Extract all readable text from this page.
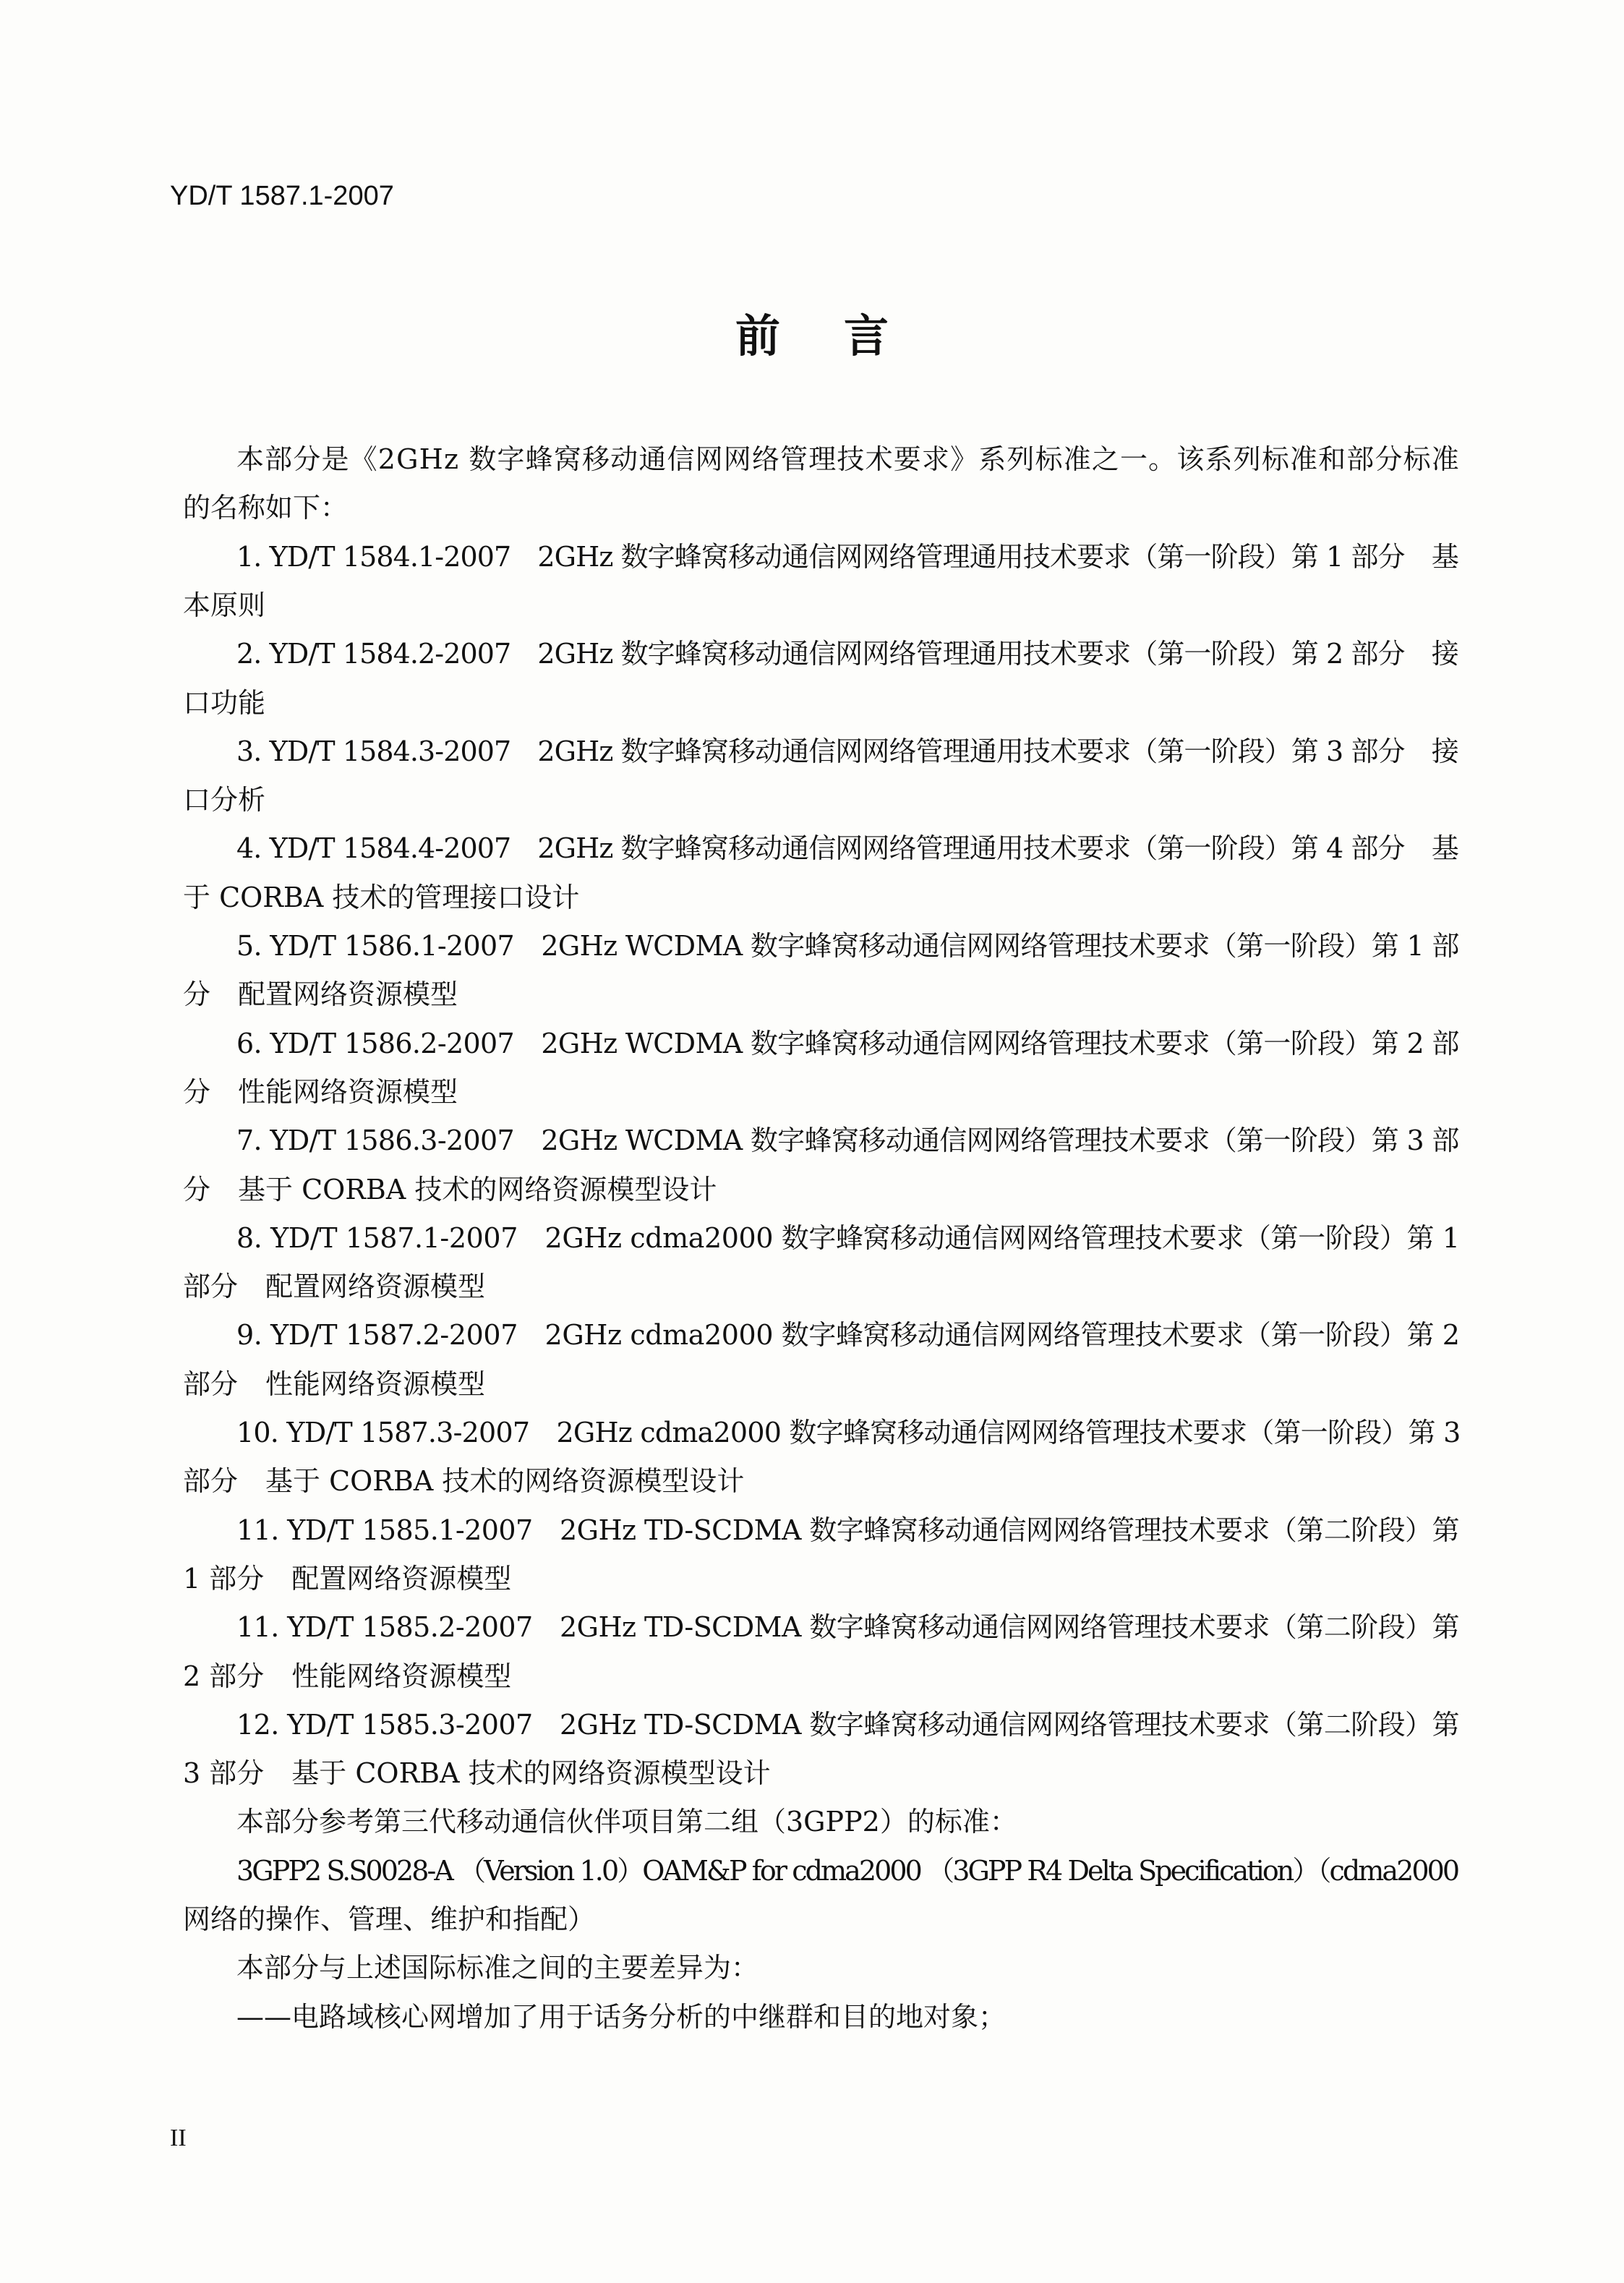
YD/T 1587.1-2007
前言
本部分是《2GHz 数字蜂窝移动通信网网络管理技术要求》系列标准之一。该系列标准和部分标准
的名称如下：
1. YD/T 1584.1-2007　2GHz 数字蜂窝移动通信网网络管理通用技术要求（第一阶段）第 1 部分　基
本原则
2. YD/T 1584.2-2007　2GHz 数字蜂窝移动通信网网络管理通用技术要求（第一阶段）第 2 部分　接
口功能
3. YD/T 1584.3-2007　2GHz 数字蜂窝移动通信网网络管理通用技术要求（第一阶段）第 3 部分　接
口分析
4. YD/T 1584.4-2007　2GHz 数字蜂窝移动通信网网络管理通用技术要求（第一阶段）第 4 部分　基
于 CORBA 技术的管理接口设计
5. YD/T 1586.1-2007　2GHz WCDMA 数字蜂窝移动通信网网络管理技术要求（第一阶段）第 1 部
分　配置网络资源模型
6. YD/T 1586.2-2007　2GHz WCDMA 数字蜂窝移动通信网网络管理技术要求（第一阶段）第 2 部
分　性能网络资源模型
7. YD/T 1586.3-2007　2GHz WCDMA 数字蜂窝移动通信网网络管理技术要求（第一阶段）第 3 部
分　基于 CORBA 技术的网络资源模型设计
8. YD/T 1587.1-2007　2GHz cdma2000 数字蜂窝移动通信网网络管理技术要求（第一阶段）第 1
部分　配置网络资源模型
9. YD/T 1587.2-2007　2GHz cdma2000 数字蜂窝移动通信网网络管理技术要求（第一阶段）第 2
部分　性能网络资源模型
10. YD/T 1587.3-2007　2GHz cdma2000 数字蜂窝移动通信网网络管理技术要求（第一阶段）第 3
部分　基于 CORBA 技术的网络资源模型设计
11. YD/T 1585.1-2007　2GHz TD-SCDMA 数字蜂窝移动通信网网络管理技术要求（第二阶段）第
1 部分　配置网络资源模型
11. YD/T 1585.2-2007　2GHz TD-SCDMA 数字蜂窝移动通信网网络管理技术要求（第二阶段）第
2 部分　性能网络资源模型
12. YD/T 1585.3-2007　2GHz TD-SCDMA 数字蜂窝移动通信网网络管理技术要求（第二阶段）第
3 部分　基于 CORBA 技术的网络资源模型设计
本部分参考第三代移动通信伙伴项目第二组（3GPP2）的标准：
3GPP2 S.S0028-A （Version 1.0）OAM&P for cdma2000 （3GPP R4 Delta Specification）（cdma2000
网络的操作、管理、维护和指配）
本部分与上述国际标准之间的主要差异为：
——电路域核心网增加了用于话务分析的中继群和目的地对象；
II
